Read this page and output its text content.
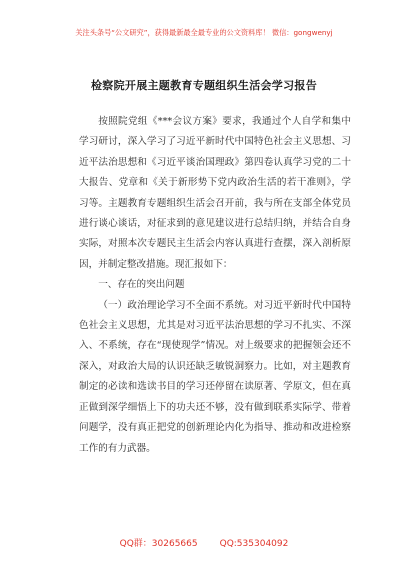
关注头条号“公文研究”，获得最新最全最专业的公文资料库！ 微信：gongwenyj
检察院开展主题教育专题组织生活会学习报告

按照院党组《***会议方案》要求，我通过个人自学和集中学习研讨，深入学习了习近平新时代中国特色社会主义思想、习近平法治思想和《习近平谈治国理政》第四卷认真学习党的二十大报告、党章和《关于新形势下党内政治生活的若干准则》，学习等。主题教育专题组织生活会召开前，我与所在支部全体党员进行谈心谈话，对征求到的意见建议进行总结归纳，并结合自身实际，对照本次专题民主生活会内容认真进行查摆，深入剖析原因，并制定整改措施。现汇报如下：

一、存在的突出问题

（一）政治理论学习不全面不系统。对习近平新时代中国特色社会主义思想，尤其是对习近平法治思想的学习不扎实、不深入、不系统，存在“现使现学”情况。对上级要求的把握领会还不深入，对政治大局的认识还缺乏敏锐洞察力。比如，对主题教育制定的必读和选读书目的学习还停留在读原著、学原文，但在真正做到深学细悟上下的功夫还不够，没有做到联系实际学、带着问题学，没有真正把党的创新理论内化为指导、推动和改进检察工作的有力武器。

QQ群：30265665 QQ:535304092
